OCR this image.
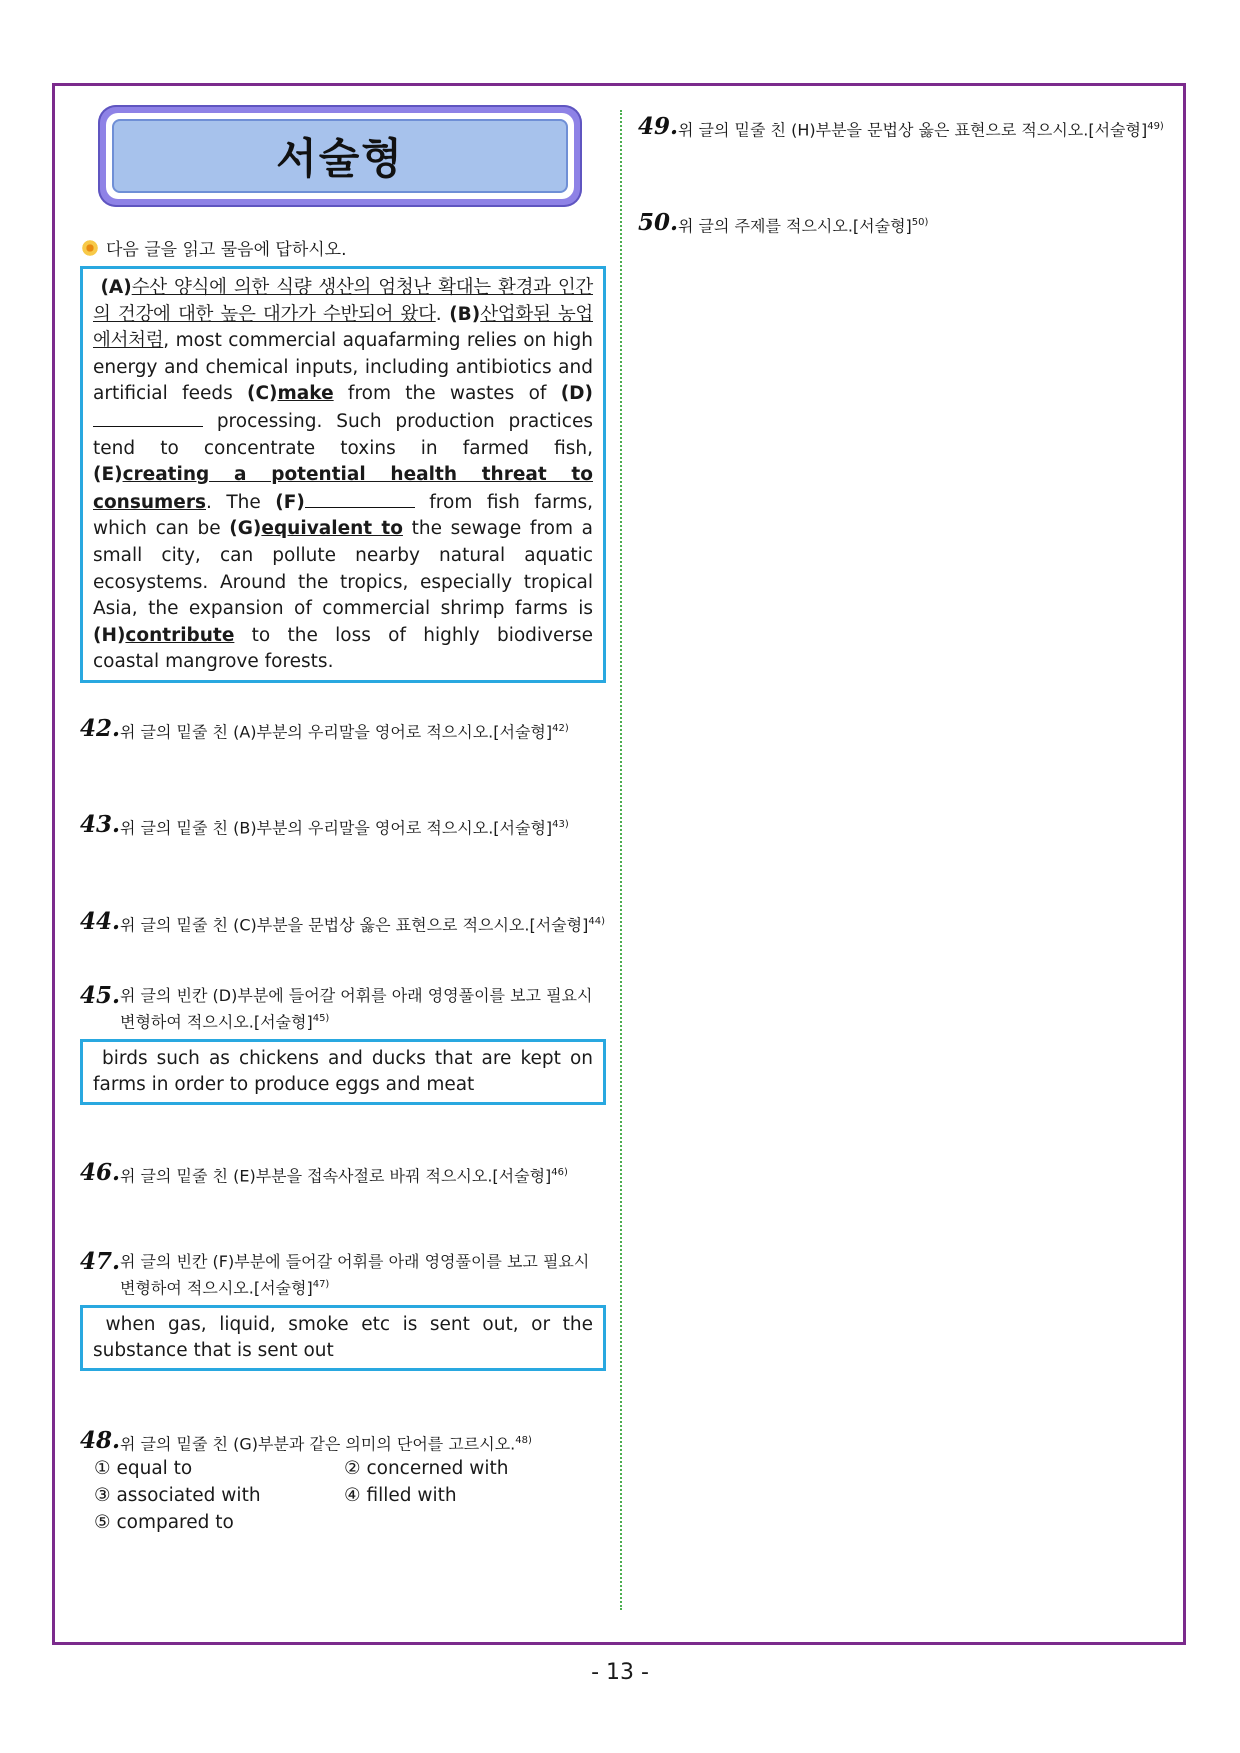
서술형
다음 글을 읽고 물음에 답하시오.
(A)수산 양식에 의한 식량 생산의 엄청난 확대는 환경과 인간의 건강에 대한 높은 대가가 수반되어 왔다. (B)산업화된 농업에서처럼, most commercial aquafarming relies on high energy and chemical inputs, including antibiotics and artificial feeds (C)make from the wastes of (D) processing. Such production practices tend to concentrate toxins in farmed fish, (E)creating a potential health threat to consumers. The (F)	from fish farms, which can be (G)equivalent to the sewage from a small city, can pollute nearby natural aquatic ecosystems. Around the tropics, especially tropical Asia, the expansion of commercial shrimp farms is (H)contribute to the loss of highly biodiverse coastal mangrove forests.
42. 위 글의 밑줄 친 (A)부분의 우리말을 영어로 적으시오.[서술형]$^{42)}$
43. 위 글의 밑줄 친 (B)부분의 우리말을 영어로 적으시오.[서술형]$^{43)}$
44. 위 글의 밑줄 친 (C)부분을 문법상 옳은 표현으로 적으시오.[서술형]$^{44)}$
45. 위 글의 빈칸 (D)부분에 들어갈 어휘를 아래 영영풀이를 보고 필요시 변형하여 적으시오.[서술형]$^{45)}$
birds such as chickens and ducks that are kept on farms in order to produce eggs and meat
46. 위 글의 밑줄 친 (E)부분을 접속사절로 바꿔 적으시오.[서술형]$^{46)}$
47. 위 글의 빈칸 (F)부분에 들어갈 어휘를 아래 영영풀이를 보고 필요시 변형하여 적으시오.[서술형]$^{47)}$
when gas, liquid, smoke etc is sent out, or the substance that is sent out
48. 위 글의 밑줄 친 (G)부분과 같은 의미의 단어를 고르시오.$^{48)}$
① equal to	② concerned with
③ associated with	④ filled with
⑤ compared to
49. 위 글의 밑줄 친 (H)부분을 문법상 옳은 표현으로 적으시오.[서술형]$^{49)}$
50. 위 글의 주제를 적으시오.[서술형]$^{50)}$
- 13 -
